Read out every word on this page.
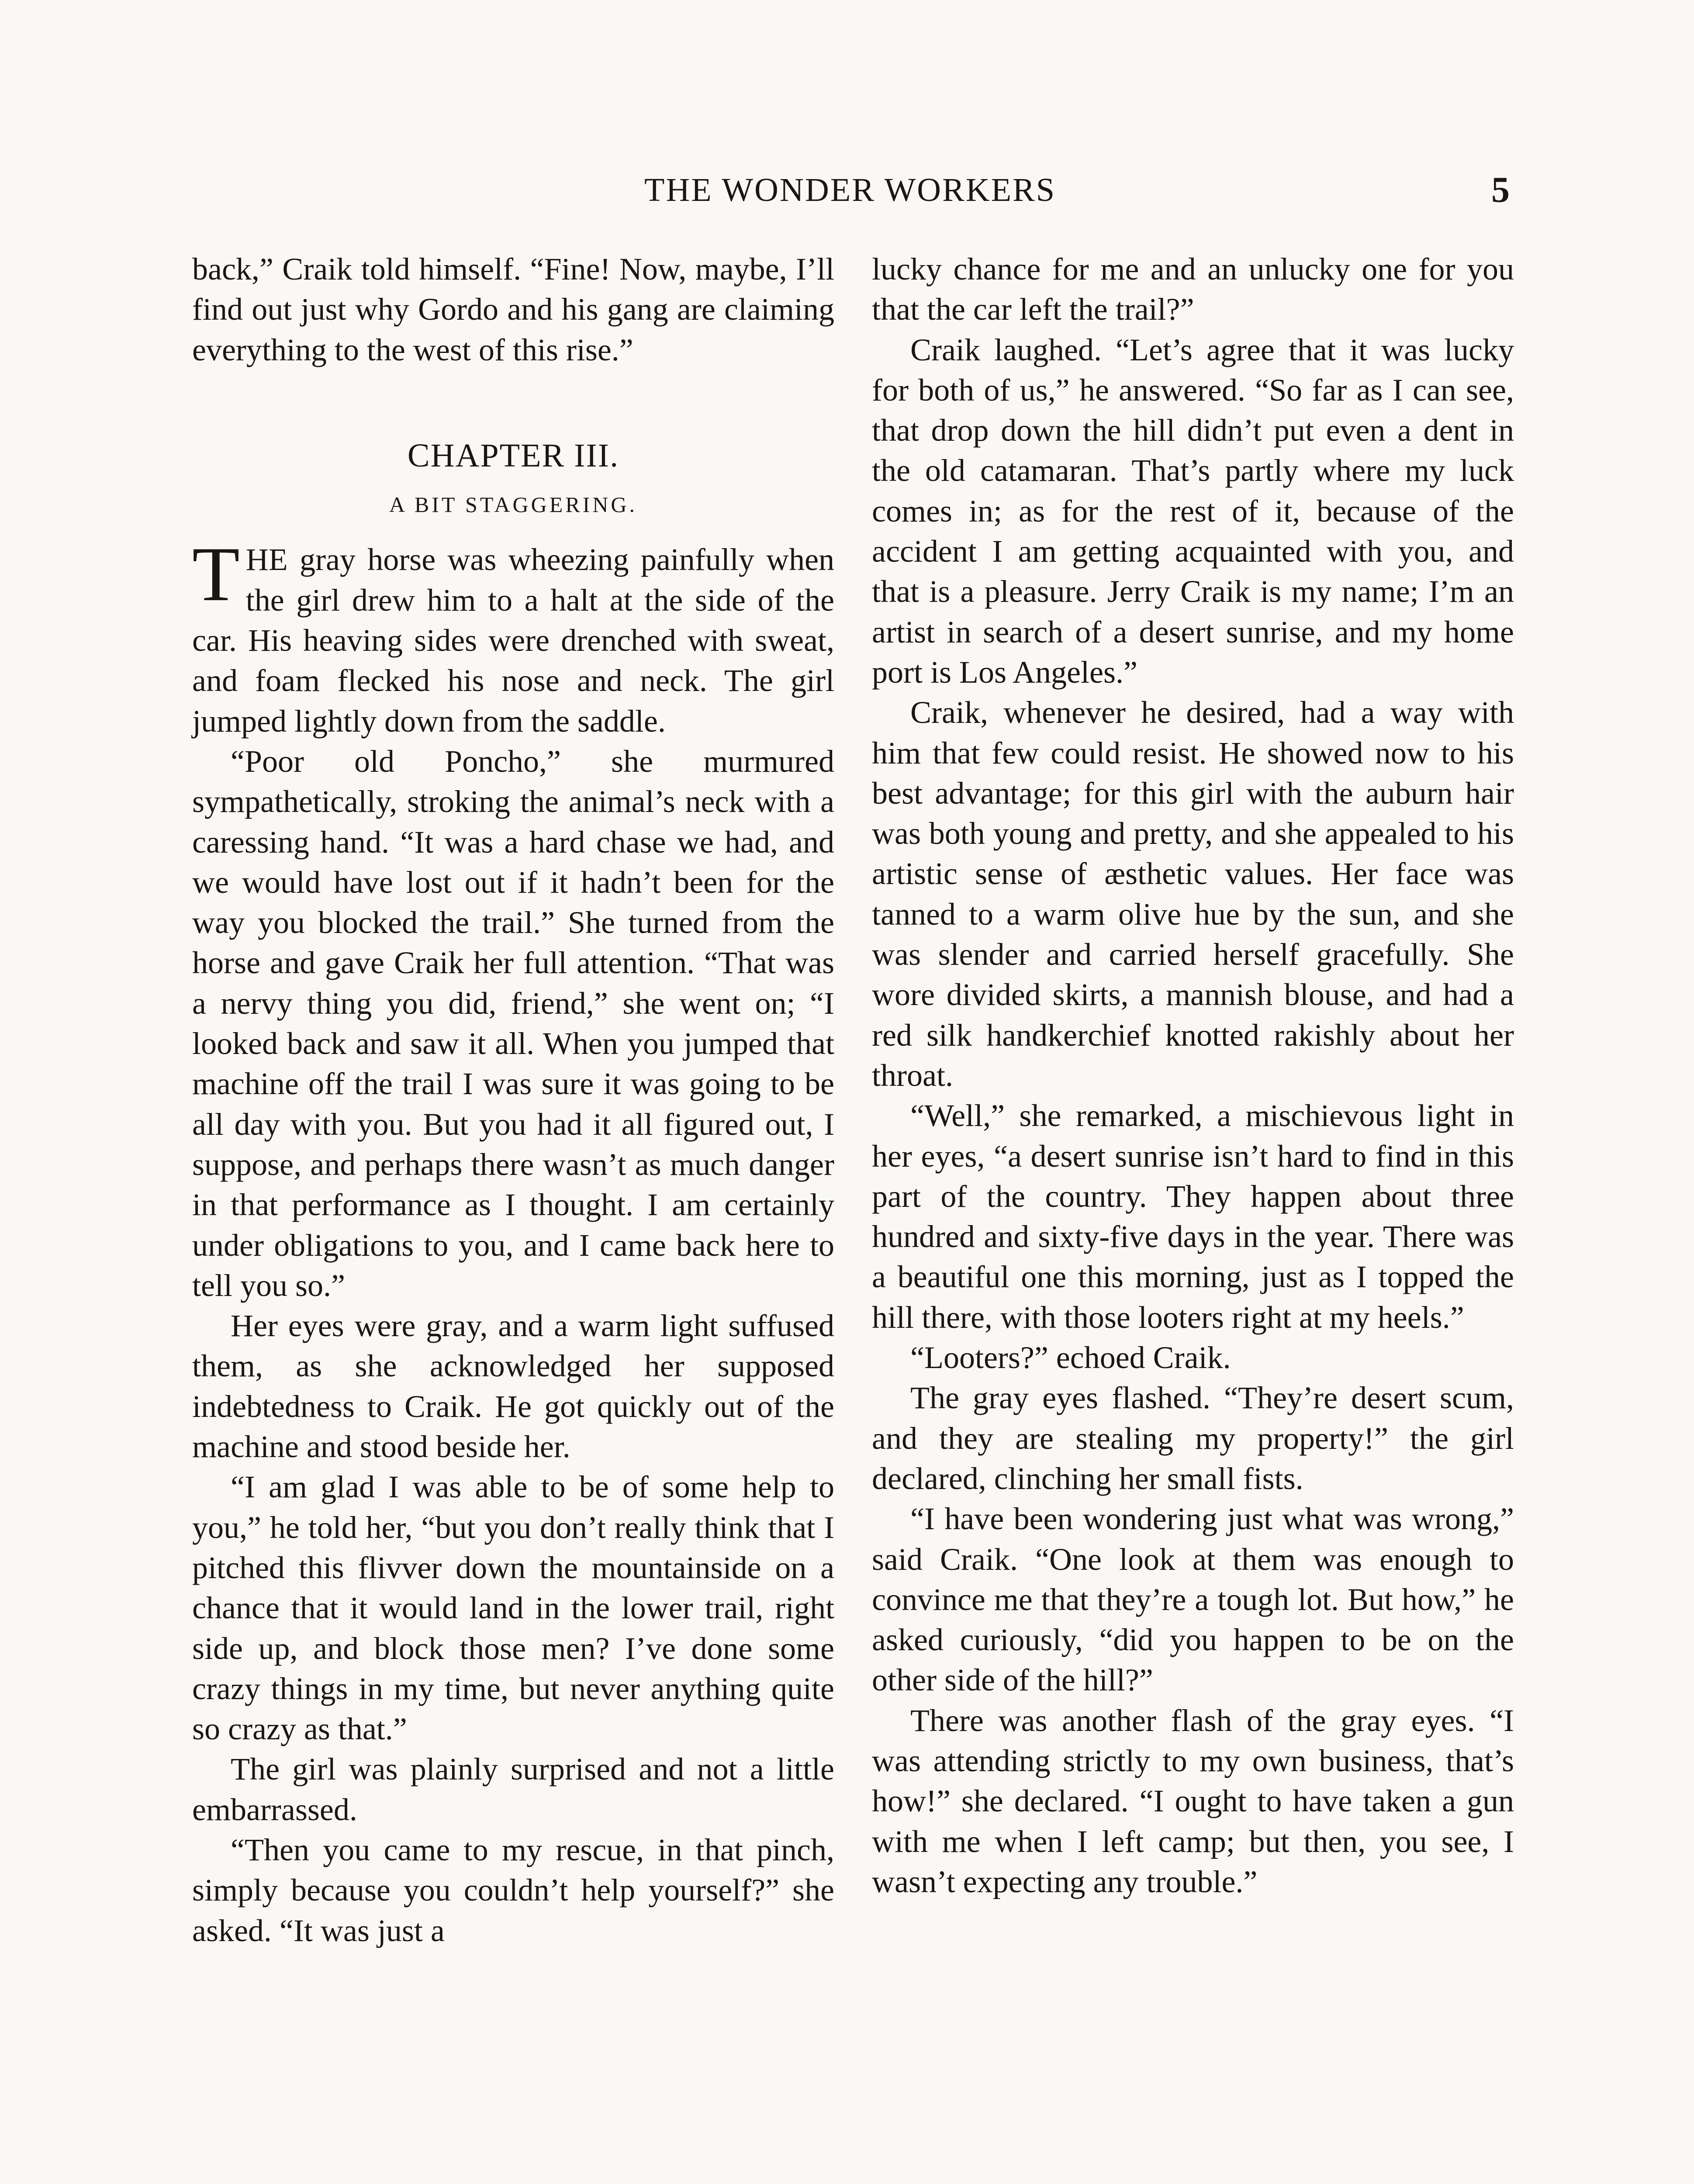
THE WONDER WORKERS	5

back,” Craik told himself. “Fine! Now, maybe, I’ll find out just why Gordo and his gang are claiming everything to the west of this rise.”

CHAPTER III.
A BIT STAGGERING.

THE gray horse was wheezing painfully when the girl drew him to a halt at the side of the car. His heaving sides were drenched with sweat, and foam flecked his nose and neck. The girl jumped lightly down from the saddle.

“Poor old Poncho,” she murmured sympathetically, stroking the animal’s neck with a caressing hand. “It was a hard chase we had, and we would have lost out if it hadn’t been for the way you blocked the trail.” She turned from the horse and gave Craik her full attention. “That was a nervy thing you did, friend,” she went on; “I looked back and saw it all. When you jumped that machine off the trail I was sure it was going to be all day with you. But you had it all figured out, I suppose, and perhaps there wasn’t as much danger in that performance as I thought. I am certainly under obligations to you, and I came back here to tell you so.”

Her eyes were gray, and a warm light suffused them, as she acknowledged her supposed indebtedness to Craik. He got quickly out of the machine and stood beside her.

“I am glad I was able to be of some help to you,” he told her, “but you don’t really think that I pitched this flivver down the mountainside on a chance that it would land in the lower trail, right side up, and block those men? I’ve done some crazy things in my time, but never anything quite so crazy as that.”

The girl was plainly surprised and not a little embarrassed.

“Then you came to my rescue, in that pinch, simply because you couldn’t help yourself?” she asked. “It was just a

lucky chance for me and an unlucky one for you that the car left the trail?”

Craik laughed. “Let’s agree that it was lucky for both of us,” he answered. “So far as I can see, that drop down the hill didn’t put even a dent in the old catamaran. That’s partly where my luck comes in; as for the rest of it, because of the accident I am getting acquainted with you, and that is a pleasure. Jerry Craik is my name; I’m an artist in search of a desert sunrise, and my home port is Los Angeles.”

Craik, whenever he desired, had a way with him that few could resist. He showed now to his best advantage; for this girl with the auburn hair was both young and pretty, and she appealed to his artistic sense of æsthetic values. Her face was tanned to a warm olive hue by the sun, and she was slender and carried herself gracefully. She wore divided skirts, a mannish blouse, and had a red silk handkerchief knotted rakishly about her throat.

“Well,” she remarked, a mischievous light in her eyes, “a desert sunrise isn’t hard to find in this part of the country. They happen about three hundred and sixty-five days in the year. There was a beautiful one this morning, just as I topped the hill there, with those looters right at my heels.”

“Looters?” echoed Craik.

The gray eyes flashed. “They’re desert scum, and they are stealing my property!” the girl declared, clinching her small fists.

“I have been wondering just what was wrong,” said Craik. “One look at them was enough to convince me that they’re a tough lot. But how,” he asked curiously, “did you happen to be on the other side of the hill?”

There was another flash of the gray eyes. “I was attending strictly to my own business, that’s how!” she declared. “I ought to have taken a gun with me when I left camp; but then, you see, I wasn’t expecting any trouble.”
